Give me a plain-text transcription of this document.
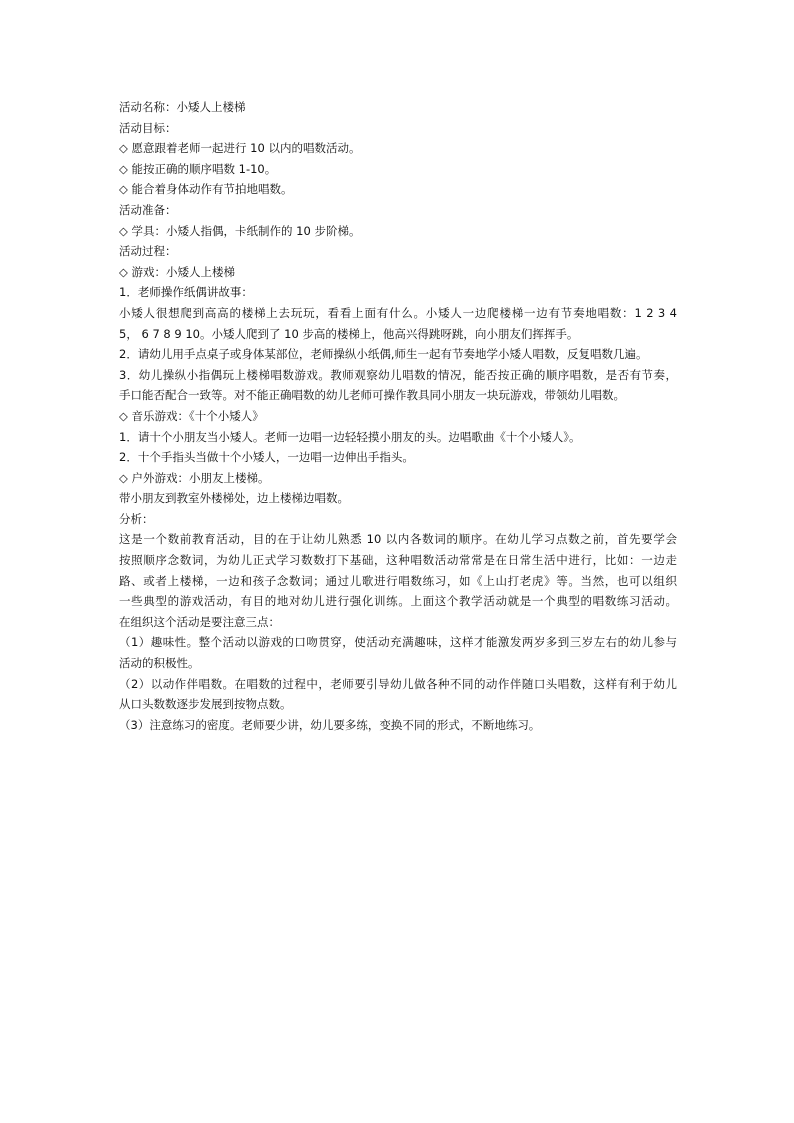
活动名称：小矮人上楼梯
活动目标：
◇ 愿意跟着老师一起进行 10 以内的唱数活动。
◇ 能按正确的顺序唱数 1-10。
◇ 能合着身体动作有节拍地唱数。
活动准备：
◇ 学具：小矮人指偶，卡纸制作的 10 步阶梯。
活动过程：
◇ 游戏：小矮人上楼梯
1．老师操作纸偶讲故事：
小矮人很想爬到高高的楼梯上去玩玩，看看上面有什么。小矮人一边爬楼梯一边有节奏地唱数：1 2 3 4
5， 6 7 8 9 10。小矮人爬到了 10 步高的楼梯上，他高兴得跳呀跳，向小朋友们挥挥手。
2．请幼儿用手点桌子或身体某部位，老师操纵小纸偶,师生一起有节奏地学小矮人唱数，反复唱数几遍。
3．幼儿操纵小指偶玩上楼梯唱数游戏。教师观察幼儿唱数的情况，能否按正确的顺序唱数，是否有节奏，
手口能否配合一致等。对不能正确唱数的幼儿老师可操作教具同小朋友一块玩游戏，带领幼儿唱数。
◇ 音乐游戏：《十个小矮人》
1．请十个小朋友当小矮人。老师一边唱一边轻轻摸小朋友的头。边唱歌曲《十个小矮人》。
2．十个手指头当做十个小矮人，一边唱一边伸出手指头。
◇ 户外游戏：小朋友上楼梯。
带小朋友到教室外楼梯处，边上楼梯边唱数。
分析：
这是一个数前教育活动，目的在于让幼儿熟悉 10 以内各数词的顺序。在幼儿学习点数之前，首先要学会
按照顺序念数词，为幼儿正式学习数数打下基础，这种唱数活动常常是在日常生活中进行，比如：一边走
路、或者上楼梯，一边和孩子念数词；通过儿歌进行唱数练习，如《上山打老虎》等。当然，也可以组织
一些典型的游戏活动，有目的地对幼儿进行强化训练。上面这个教学活动就是一个典型的唱数练习活动。
在组织这个活动是要注意三点：
（1）趣味性。整个活动以游戏的口吻贯穿，使活动充满趣味，这样才能激发两岁多到三岁左右的幼儿参与
活动的积极性。
（2）以动作伴唱数。在唱数的过程中，老师要引导幼儿做各种不同的动作伴随口头唱数，这样有利于幼儿
从口头数数逐步发展到按物点数。
（3）注意练习的密度。老师要少讲，幼儿要多练，变换不同的形式，不断地练习。
